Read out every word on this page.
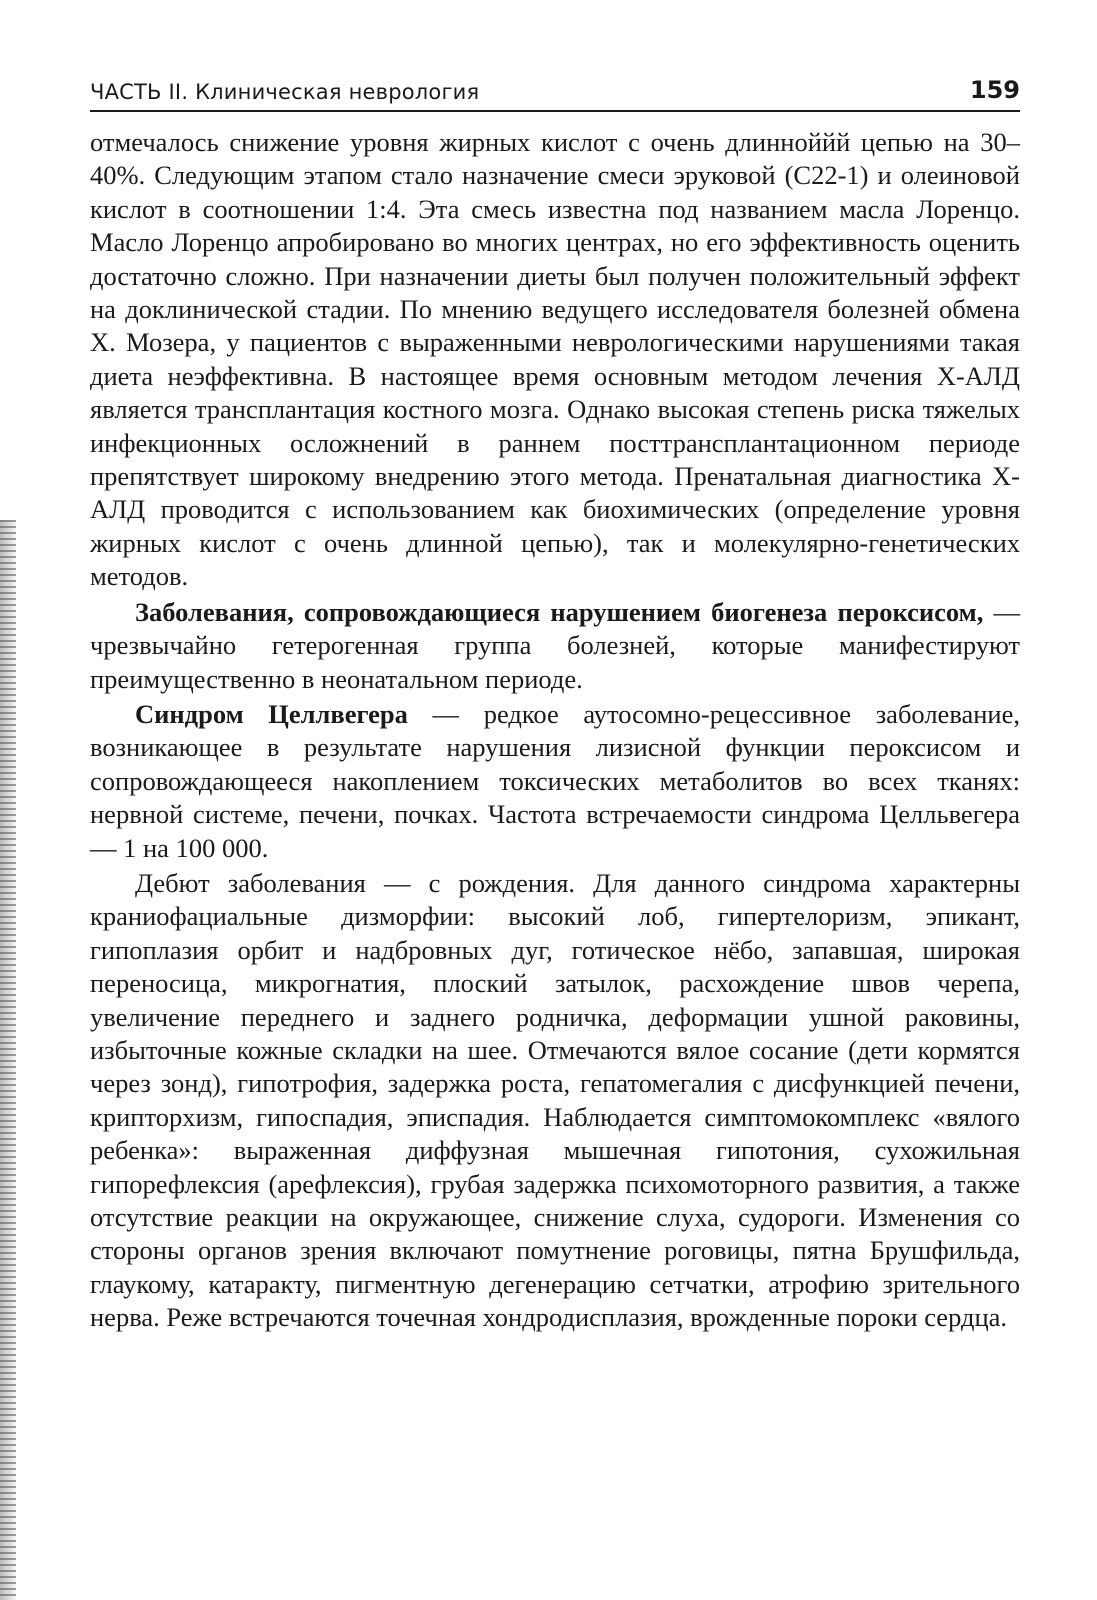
ЧАСТЬ II. Клиническая неврология	159

отмечалось снижение уровня жирных кислот с очень длинноййй цепью на 30–40%. Следующим этапом стало назначение смеси эруковой (С22-1) и олеиновой кислот в соотношении 1:4. Эта смесь известна под названием масла Лоренцо. Масло Лоренцо апробировано во многих центрах, но его эффективность оценить достаточно сложно. При назначении диеты был получен положительный эффект на доклинической стадии. По мнению ведущего исследователя болезней обмена Х. Мозера, у пациентов с выраженными неврологическими нарушениями такая диета неэффективна. В настоящее время основным методом лечения Х-АЛД является трансплантация костного мозга. Однако высокая степень риска тяжелых инфекционных осложнений в раннем посттрансплантационном периоде препятствует широкому внедрению этого метода. Пренатальная диагностика Х-АЛД проводится с использованием как биохимических (определение уровня жирных кислот с очень длинной цепью), так и молекулярно-генетических методов.

Заболевания, сопровождающиеся нарушением биогенеза пероксисом, — чрезвычайно гетерогенная группа болезней, которые манифестируют преимущественно в неонатальном периоде.

Синдром Целлвегера — редкое аутосомно-рецессивное заболевание, возникающее в результате нарушения лизисной функции пероксисом и сопровождающееся накоплением токсических метаболитов во всех тканях: нервной системе, печени, почках. Частота встречаемости синдрома Целльвегера — 1 на 100 000.

Дебют заболевания — с рождения. Для данного синдрома характерны краниофациальные дизморфии: высокий лоб, гипертелоризм, эпикант, гипоплазия орбит и надбровных дуг, готическое нёбо, запавшая, широкая переносица, микрогнатия, плоский затылок, расхождение швов черепа, увеличение переднего и заднего родничка, деформации ушной раковины, избыточные кожные складки на шее. Отмечаются вялое сосание (дети кормятся через зонд), гипотрофия, задержка роста, гепатомегалия с дисфункцией печени, крипторхизм, гипоспадия, эписпадия. Наблюдается симптомокомплекс «вялого ребенка»: выраженная диффузная мышечная гипотония, сухожильная гипорефлексия (арефлексия), грубая задержка психомоторного развития, а также отсутствие реакции на окружающее, снижение слуха, судороги. Изменения со стороны органов зрения включают помутнение роговицы, пятна Брушфильда, глаукому, катаракту, пигментную дегенерацию сетчатки, атрофию зрительного нерва. Реже встречаются точечная хондродисплазия, врожденные пороки сердца.
